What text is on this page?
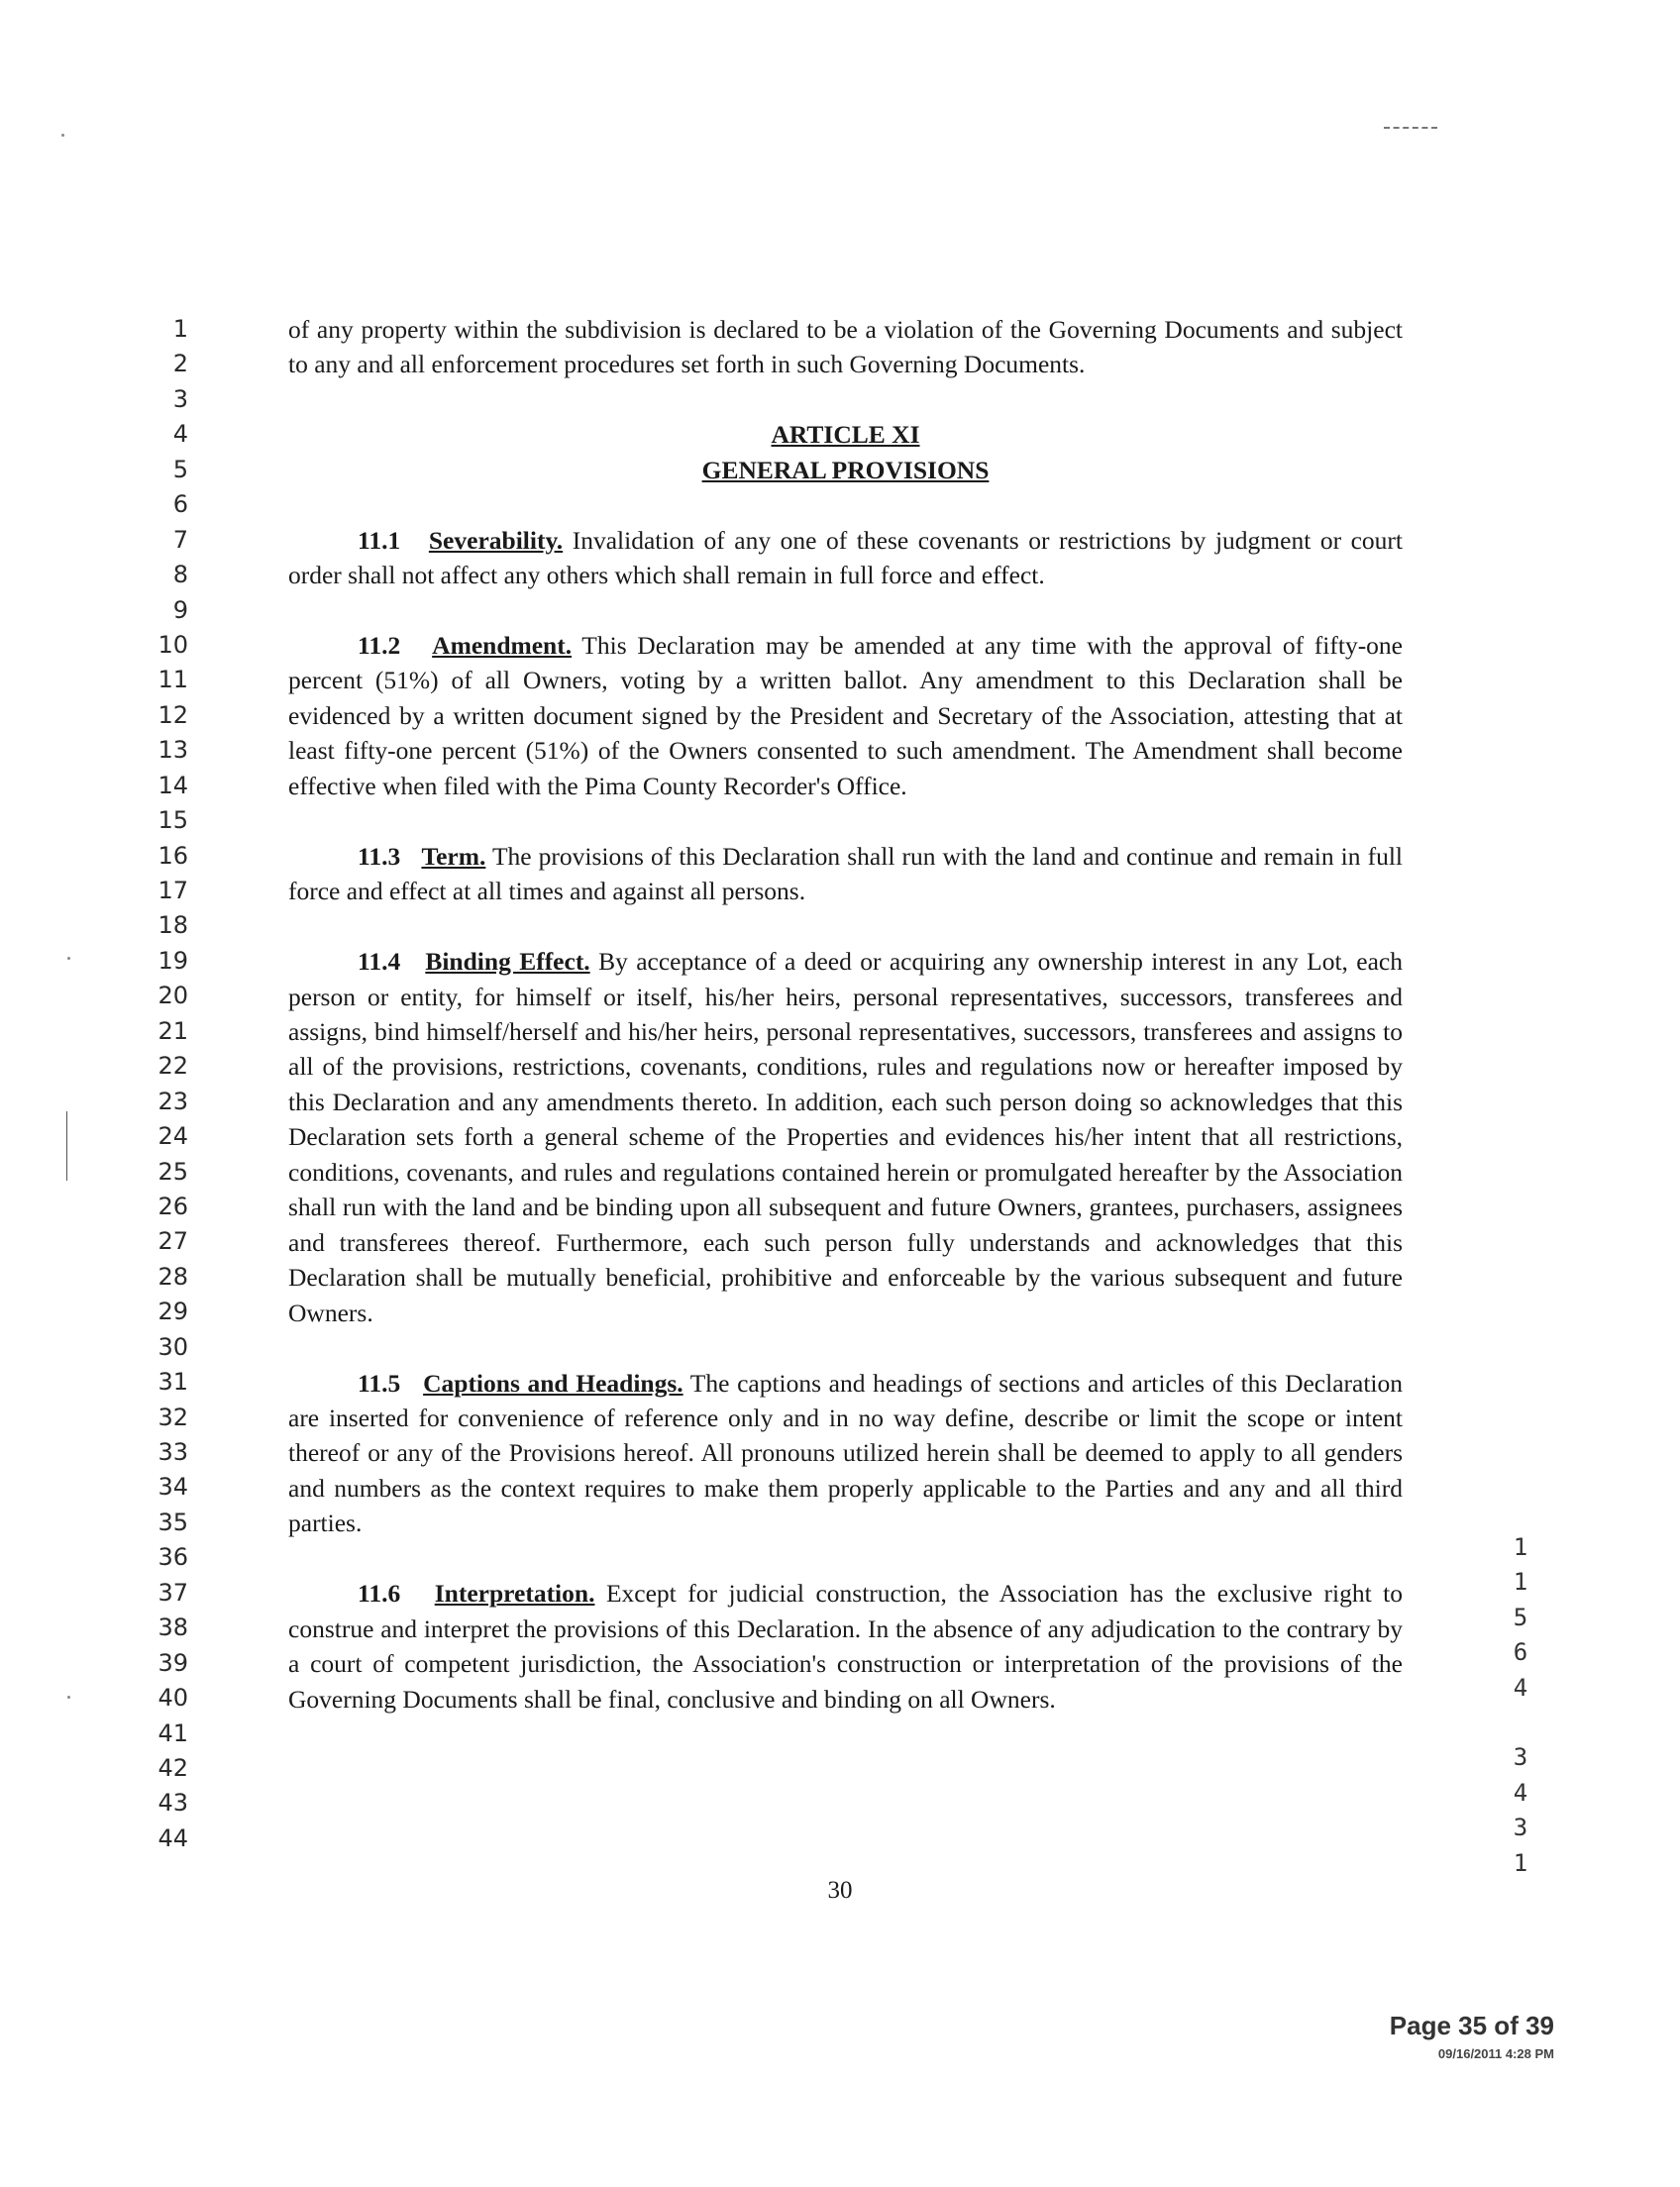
1
2
3
4
5
6
7
8
9
10
11
12
13
14
15
16
17
18
19
20
21
22
23
24
25
26
27
28
29
30
31
32
33
34
35
36
37
38
39
40
41
42
43
44

of any property within the subdivision is declared to be a violation of the Governing Documents and subject to any and all enforcement procedures set forth in such Governing Documents.

ARTICLE XI

GENERAL PROVISIONS

11.1 Severability. Invalidation of any one of these covenants or restrictions by judgment or court order shall not affect any others which shall remain in full force and effect.

11.2 Amendment. This Declaration may be amended at any time with the approval of fifty-one percent (51%) of all Owners, voting by a written ballot. Any amendment to this Declaration shall be evidenced by a written document signed by the President and Secretary of the Association, attesting that at least fifty-one percent (51%) of the Owners consented to such amendment. The Amendment shall become effective when filed with the Pima County Recorder's Office.

11.3 Term. The provisions of this Declaration shall run with the land and continue and remain in full force and effect at all times and against all persons.

11.4 Binding Effect. By acceptance of a deed or acquiring any ownership interest in any Lot, each person or entity, for himself or itself, his/her heirs, personal representatives, successors, transferees and assigns, bind himself/herself and his/her heirs, personal representatives, successors, transferees and assigns to all of the provisions, restrictions, covenants, conditions, rules and regulations now or hereafter imposed by this Declaration and any amendments thereto. In addition, each such person doing so acknowledges that this Declaration sets forth a general scheme of the Properties and evidences his/her intent that all restrictions, conditions, covenants, and rules and regulations contained herein or promulgated hereafter by the Association shall run with the land and be binding upon all subsequent and future Owners, grantees, purchasers, assignees and transferees thereof. Furthermore, each such person fully understands and acknowledges that this Declaration shall be mutually beneficial, prohibitive and enforceable by the various subsequent and future Owners.

11.5 Captions and Headings. The captions and headings of sections and articles of this Declaration are inserted for convenience of reference only and in no way define, describe or limit the scope or intent thereof or any of the Provisions hereof. All pronouns utilized herein shall be deemed to apply to all genders and numbers as the context requires to make them properly applicable to the Parties and any and all third parties.

11.6 Interpretation. Except for judicial construction, the Association has the exclusive right to construe and interpret the provisions of this Declaration. In the absence of any adjudication to the contrary by a court of competent jurisdiction, the Association's construction or interpretation of the provisions of the Governing Documents shall be final, conclusive and binding on all Owners.

30
1
1
5
6
4
3
4
3
1
Page 35 of 39
09/16/2011 4:28 PM
